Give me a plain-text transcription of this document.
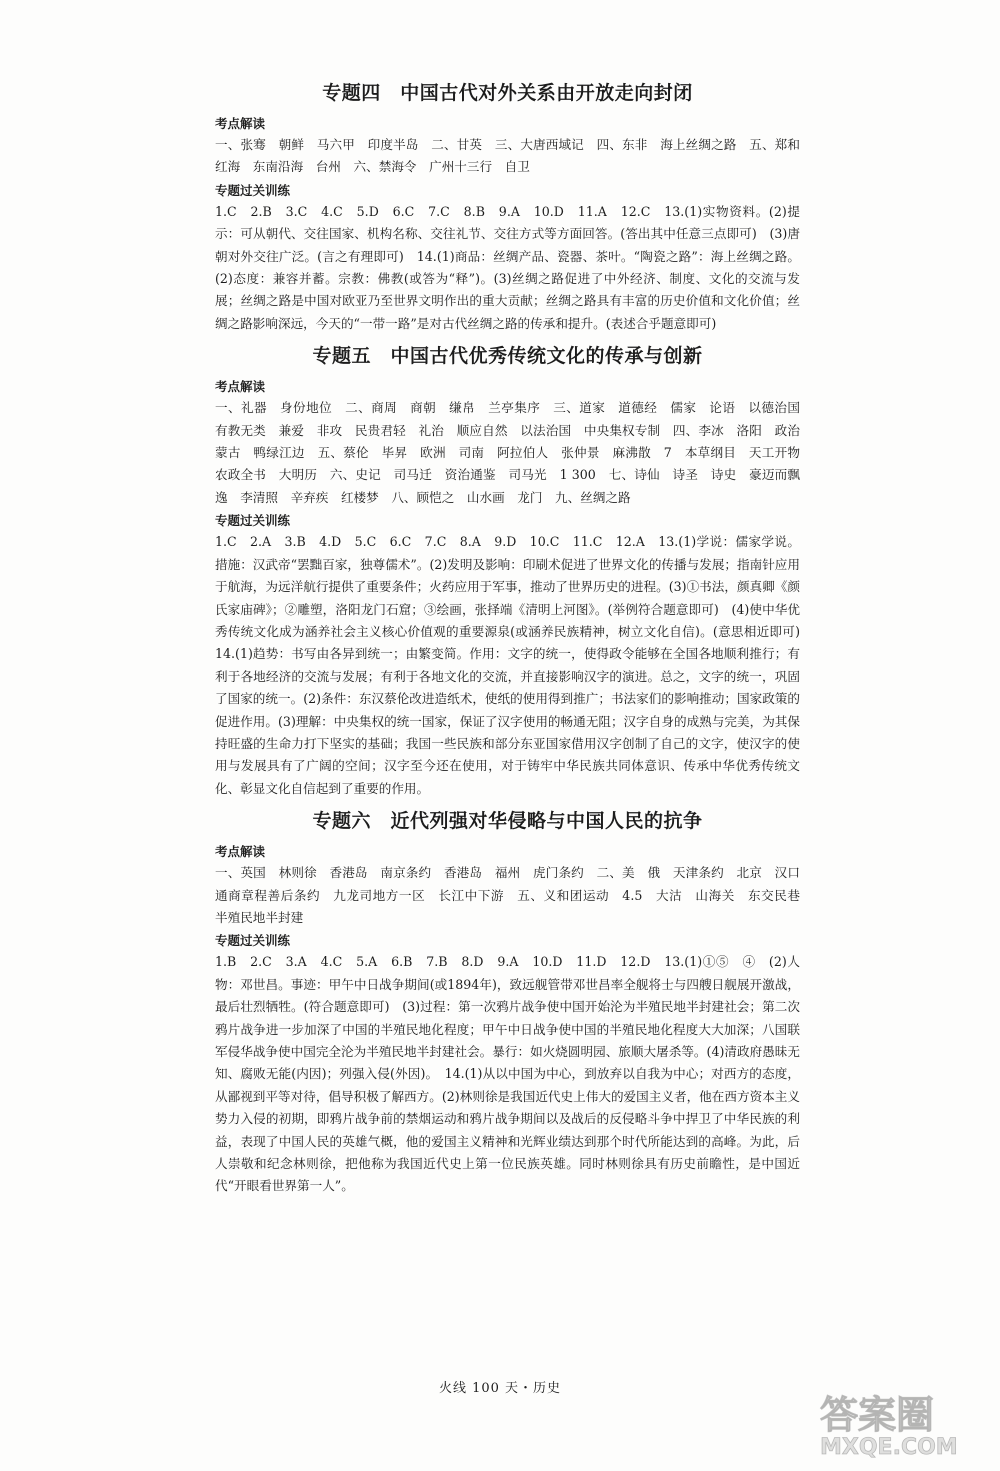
专题四　中国古代对外关系由开放走向封闭

考点解读

一、张骞　朝鲜　马六甲　印度半岛　二、甘英　三、大唐西域记　四、东非　海上丝绸之路　五、郑和　红海　东南沿海　台州　六、禁海令　广州十三行　自卫

专题过关训练

1.C　2.B　3.C　4.C　5.D　6.C　7.C　8.B　9.A　10.D　11.A　12.C　13.(1)实物资料。(2)提示：可从朝代、交往国家、机构名称、交往礼节、交往方式等方面回答。(答出其中任意三点即可)　(3)唐朝对外交往广泛。(言之有理即可)　14.(1)商品：丝绸产品、瓷器、茶叶。“陶瓷之路”：海上丝绸之路。(2)态度：兼容并蓄。宗教：佛教(或答为“释”)。(3)丝绸之路促进了中外经济、制度、文化的交流与发展；丝绸之路是中国对欧亚乃至世界文明作出的重大贡献；丝绸之路具有丰富的历史价值和文化价值；丝绸之路影响深远，今天的“一带一路”是对古代丝绸之路的传承和提升。(表述合乎题意即可)

专题五　中国古代优秀传统文化的传承与创新

考点解读

一、礼器　身份地位　二、商周　商朝　缣帛　兰亭集序　三、道家　道德经　儒家　论语　以德治国　有教无类　兼爱　非攻　民贵君轻　礼治　顺应自然　以法治国　中央集权专制　四、李冰　洛阳　政治　蒙古　鸭绿江边　五、蔡伦　毕昇　欧洲　司南　阿拉伯人　张仲景　麻沸散　7　本草纲目　天工开物　农政全书　大明历　六、史记　司马迁　资治通鉴　司马光　1 300　七、诗仙　诗圣　诗史　豪迈而飘逸　李清照　辛弃疾　红楼梦　八、顾恺之　山水画　龙门　九、丝绸之路

专题过关训练

1.C　2.A　3.B　4.D　5.C　6.C　7.C　8.A　9.D　10.C　11.C　12.A　13.(1)学说：儒家学说。措施：汉武帝“罢黜百家，独尊儒术”。(2)发明及影响：印刷术促进了世界文化的传播与发展；指南针应用于航海，为远洋航行提供了重要条件；火药应用于军事，推动了世界历史的进程。(3)①书法，颜真卿《颜氏家庙碑》；②雕塑，洛阳龙门石窟；③绘画，张择端《清明上河图》。(举例符合题意即可)　(4)使中华优秀传统文化成为涵养社会主义核心价值观的重要源泉(或涵养民族精神，树立文化自信)。(意思相近即可)　14.(1)趋势：书写由各异到统一；由繁变简。作用：文字的统一，使得政令能够在全国各地顺利推行；有利于各地经济的交流与发展；有利于各地文化的交流，并直接影响汉字的演进。总之，文字的统一，巩固了国家的统一。(2)条件：东汉蔡伦改进造纸术，使纸的使用得到推广；书法家们的影响推动；国家政策的促进作用。(3)理解：中央集权的统一国家，保证了汉字使用的畅通无阻；汉字自身的成熟与完美，为其保持旺盛的生命力打下坚实的基础；我国一些民族和部分东亚国家借用汉字创制了自己的文字，使汉字的使用与发展具有了广阔的空间；汉字至今还在使用，对于铸牢中华民族共同体意识、传承中华优秀传统文化、彰显文化自信起到了重要的作用。

专题六　近代列强对华侵略与中国人民的抗争

考点解读

一、英国　林则徐　香港岛　南京条约　香港岛　福州　虎门条约　二、美　俄　天津条约　北京　汉口　通商章程善后条约　九龙司地方一区　长江中下游　五、义和团运动　4.5　大沽　山海关　东交民巷　半殖民地半封建

专题过关训练

1.B　2.C　3.A　4.C　5.A　6.B　7.B　8.D　9.A　10.D　11.D　12.D　13.(1)①⑤　④　(2)人物：邓世昌。事迹：甲午中日战争期间(或1894年)，致远舰管带邓世昌率全舰将士与四艘日舰展开激战，最后壮烈牺牲。(符合题意即可)　(3)过程：第一次鸦片战争使中国开始沦为半殖民地半封建社会；第二次鸦片战争进一步加深了中国的半殖民地化程度；甲午中日战争使中国的半殖民地化程度大大加深；八国联军侵华战争使中国完全沦为半殖民地半封建社会。暴行：如火烧圆明园、旅顺大屠杀等。(4)清政府愚昧无知、腐败无能(内因)；列强入侵(外因)。　14.(1)从以中国为中心，到放弃以自我为中心；对西方的态度，从鄙视到平等对待，倡导积极了解西方。(2)林则徐是我国近代史上伟大的爱国主义者，他在西方资本主义势力入侵的初期，即鸦片战争前的禁烟运动和鸦片战争期间以及战后的反侵略斗争中捍卫了中华民族的利益，表现了中国人民的英雄气概，他的爱国主义精神和光辉业绩达到那个时代所能达到的高峰。为此，后人崇敬和纪念林则徐，把他称为我国近代史上第一位民族英雄。同时林则徐具有历史前瞻性，是中国近代“开眼看世界第一人”。

火线 100 天・历史
答案圈
MXQE.COM
